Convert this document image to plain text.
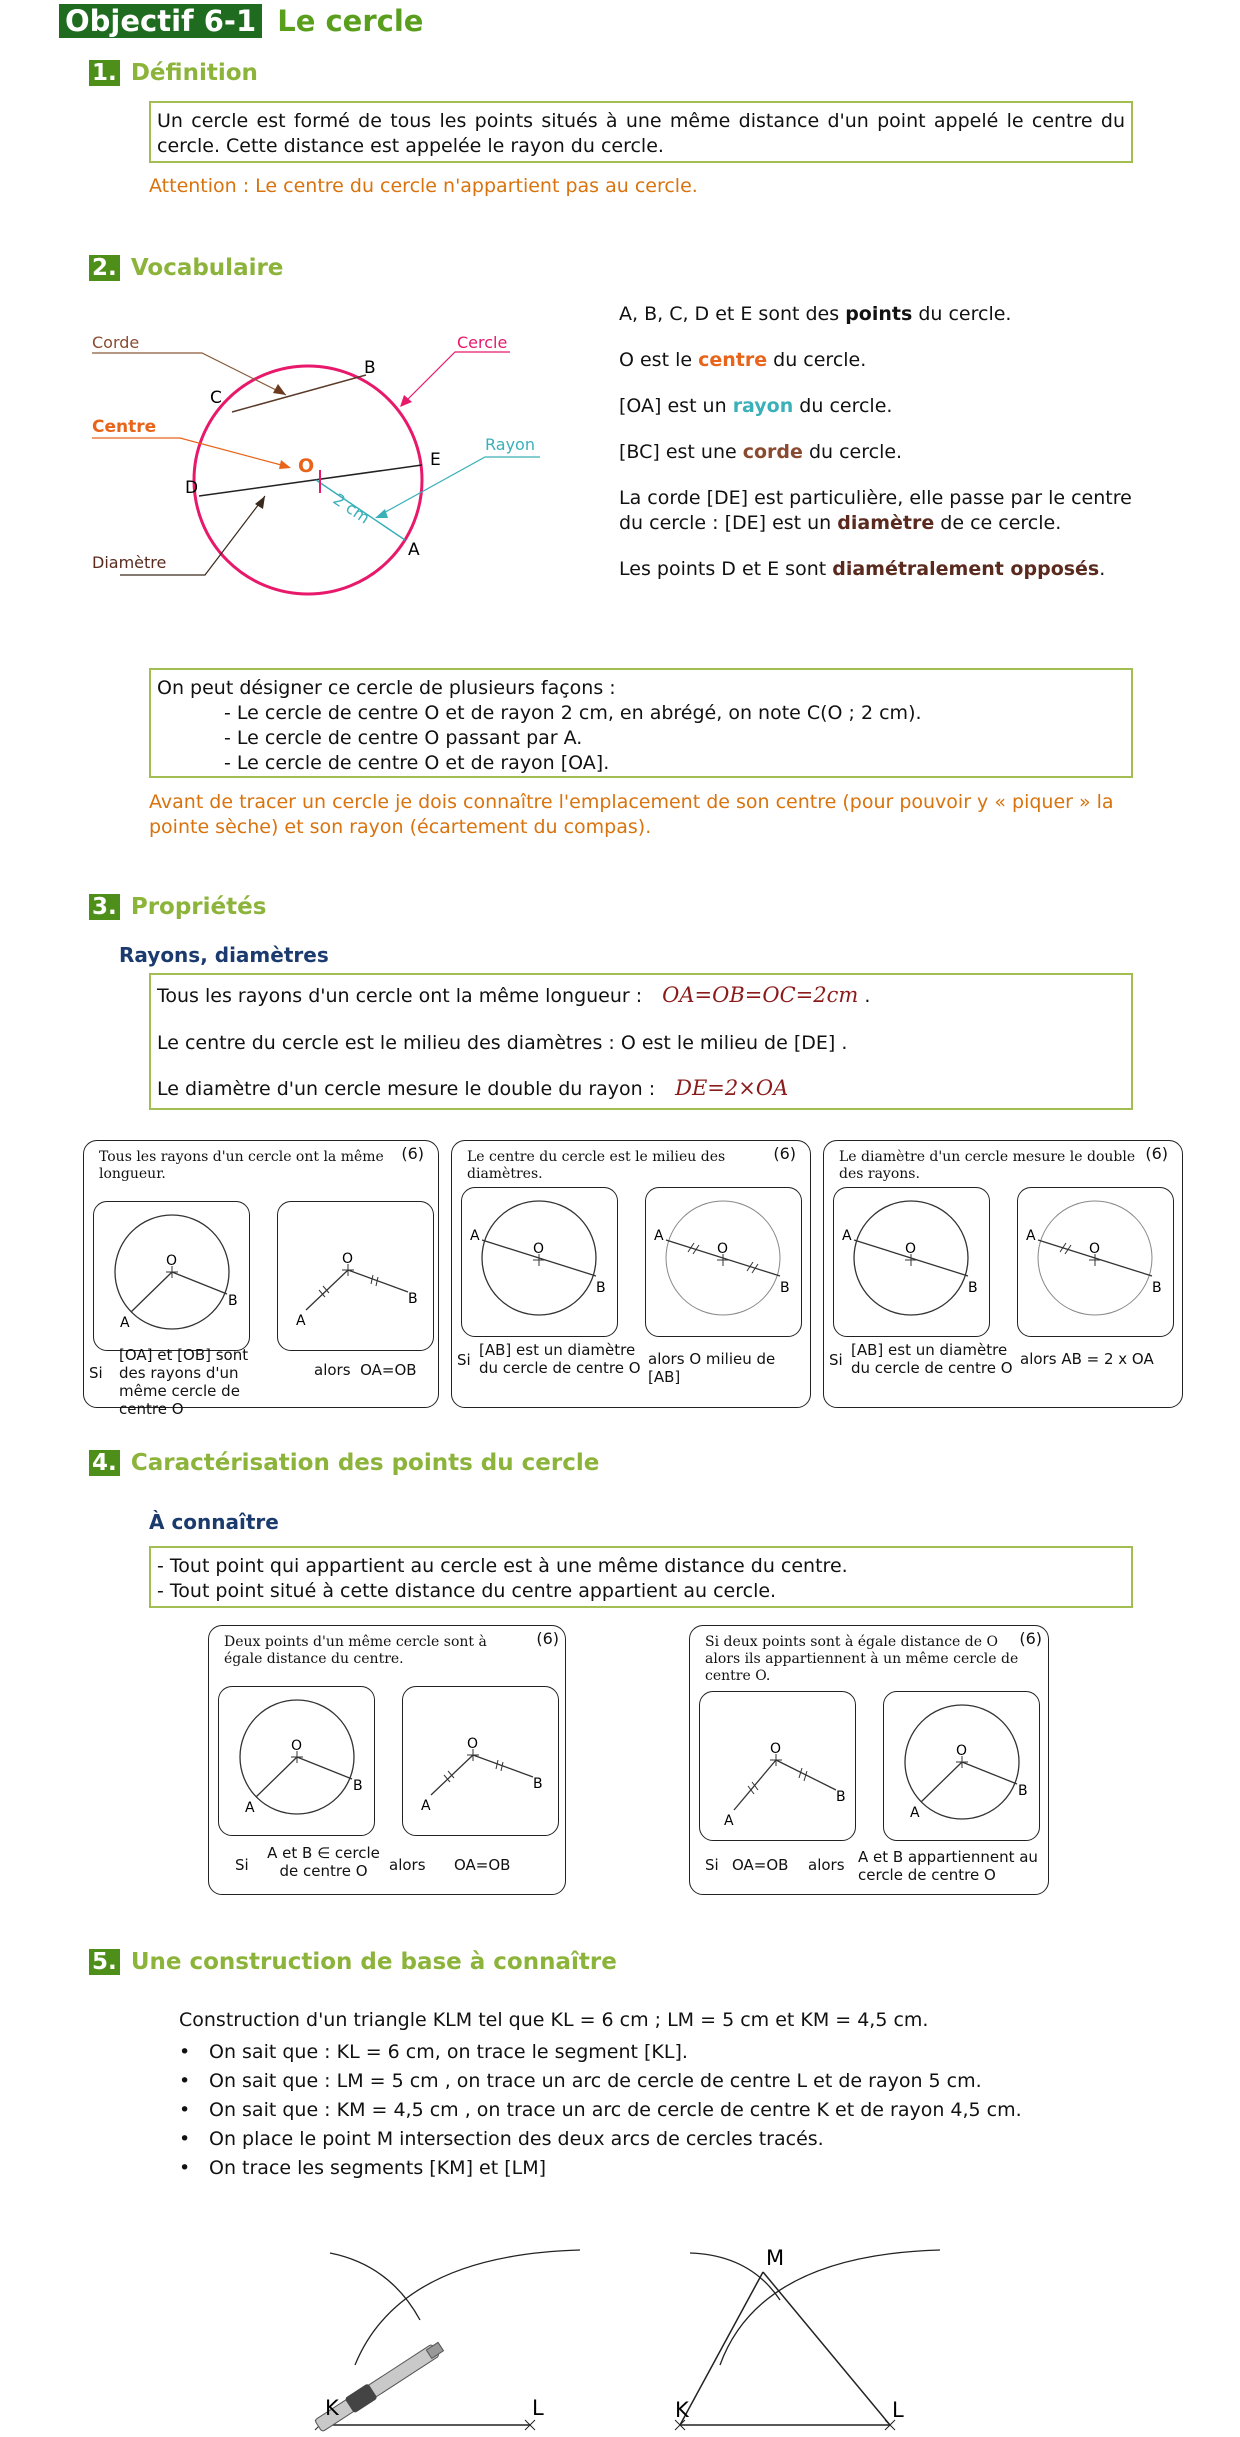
Objectif 6-1 Le cercle
1. Définition
Un cercle est formé de tous les points situés à une même distance d'un point appelé le centre du cercle. Cette distance est appelée le rayon du cercle.
Attention : Le centre du cercle n'appartient pas au cercle.
2. Vocabulaire
Corde
Centre
Diamètre
Cercle
Rayon
B
C
D
E
A
O
2 cm
A, B, C, D et E sont des points du cercle.
O est le centre du cercle.
[OA] est un rayon du cercle.
[BC] est une corde du cercle.
La corde [DE] est particulière, elle passe par le centre du cercle : [DE] est un diamètre de ce cercle.
Les points D et E sont diamétralement opposés.
On peut désigner ce cercle de plusieurs façons :
- Le cercle de centre O et de rayon 2 cm, en abrégé, on note C(O ; 2 cm).
- Le cercle de centre O passant par A.
- Le cercle de centre O et de rayon [OA].
Avant de tracer un cercle je dois connaître l'emplacement de son centre (pour pouvoir y « piquer » la pointe sèche) et son rayon (écartement du compas).
3. Propriétés
Rayons, diamètres
Tous les rayons d'un cercle ont la même longueur : OA=OB=OC=2cm .
Le centre du cercle est le milieu des diamètres : O est le milieu de [DE] .
Le diamètre d'un cercle mesure le double du rayon : DE=2×OA
Tous les rayons d'un cercle ont la même longueur.
(6)
O
A
B
O
A
B
Si
[OA] et [OB] sont des rayons d'un même cercle de centre O
alors OA=OB
Le centre du cercle est le milieu des diamètres.
(6)
O
A
B
O
A
B
Si
[AB] est un diamètre du cercle de centre O alors O milieu de [AB]
Le diamètre d'un cercle mesure le double des rayons.
(6)
O
A
B
O
A
B
Si
[AB] est un diamètre du cercle de centre O alors AB = 2 x OA
4. Caractérisation des points du cercle
À connaître
- Tout point qui appartient au cercle est à une même distance du centre.
- Tout point situé à cette distance du centre appartient au cercle.
Deux points d'un même cercle sont à égale distance du centre.
(6)
O
A
B
O
A
B
Si
A et B ∈ cercle de centre O	alors OA=OB
Si deux points sont à égale distance de O alors ils appartiennent à un même cercle de centre O.
(6)
O
A
B
O
A
B
Si OA=OB alors A et B appartiennent au cercle de centre O
5. Une construction de base à connaître
Construction d'un triangle KLM tel que KL = 6 cm ; LM = 5 cm et KM = 4,5 cm.
• On sait que : KL = 6 cm, on trace le segment [KL].
• On sait que : LM = 5 cm , on trace un arc de cercle de centre L et de rayon 5 cm.
• On sait que : KM = 4,5 cm , on trace un arc de cercle de centre K et de rayon 4,5 cm.
• On place le point M intersection des deux arcs de cercles tracés.
• On trace les segments [KM] et [LM]
K	L
M
K	L
